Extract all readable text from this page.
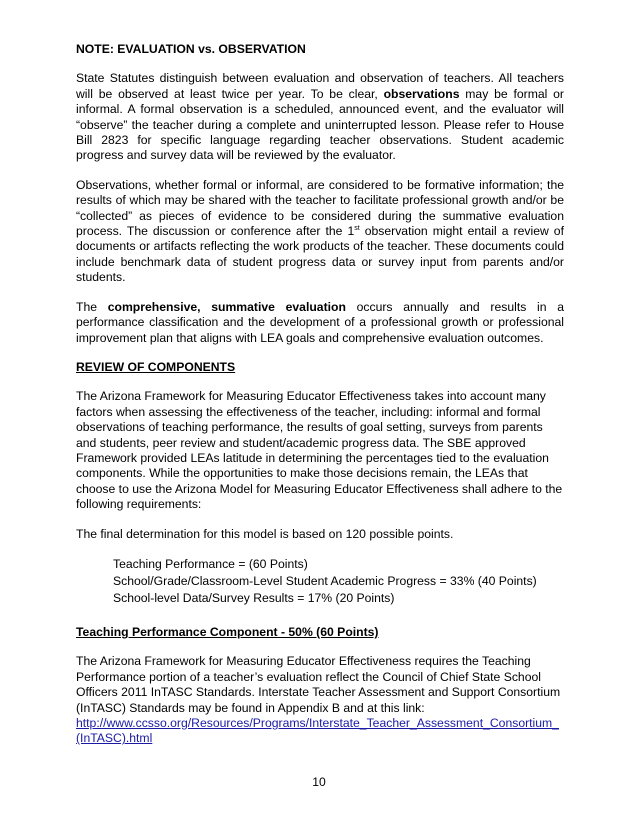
NOTE: EVALUATION vs. OBSERVATION

State Statutes distinguish between evaluation and observation of teachers. All teachers will be observed at least twice per year. To be clear, observations may be formal or informal. A formal observation is a scheduled, announced event, and the evaluator will “observe” the teacher during a complete and uninterrupted lesson. Please refer to House Bill 2823 for specific language regarding teacher observations. Student academic progress and survey data will be reviewed by the evaluator.

Observations, whether formal or informal, are considered to be formative information; the results of which may be shared with the teacher to facilitate professional growth and/or be “collected” as pieces of evidence to be considered during the summative evaluation process. The discussion or conference after the 1st observation might entail a review of documents or artifacts reflecting the work products of the teacher. These documents could include benchmark data of student progress data or survey input from parents and/or students.

The comprehensive, summative evaluation occurs annually and results in a performance classification and the development of a professional growth or professional improvement plan that aligns with LEA goals and comprehensive evaluation outcomes.

REVIEW OF COMPONENTS

The Arizona Framework for Measuring Educator Effectiveness takes into account many factors when assessing the effectiveness of the teacher, including: informal and formal observations of teaching performance, the results of goal setting, surveys from parents and students, peer review and student/academic progress data. The SBE approved Framework provided LEAs latitude in determining the percentages tied to the evaluation components. While the opportunities to make those decisions remain, the LEAs that choose to use the Arizona Model for Measuring Educator Effectiveness shall adhere to the following requirements:

The final determination for this model is based on 120 possible points.

Teaching Performance = (60 Points)
School/Grade/Classroom-Level Student Academic Progress = 33% (40 Points)
School-level Data/Survey Results = 17% (20 Points)

Teaching Performance Component - 50% (60 Points)

The Arizona Framework for Measuring Educator Effectiveness requires the Teaching Performance portion of a teacher’s evaluation reflect the Council of Chief State School Officers 2011 InTASC Standards. Interstate Teacher Assessment and Support Consortium (InTASC) Standards may be found in Appendix B and at this link:
http://www.ccsso.org/Resources/Programs/Interstate_Teacher_Assessment_Consortium_(InTASC).html

10
